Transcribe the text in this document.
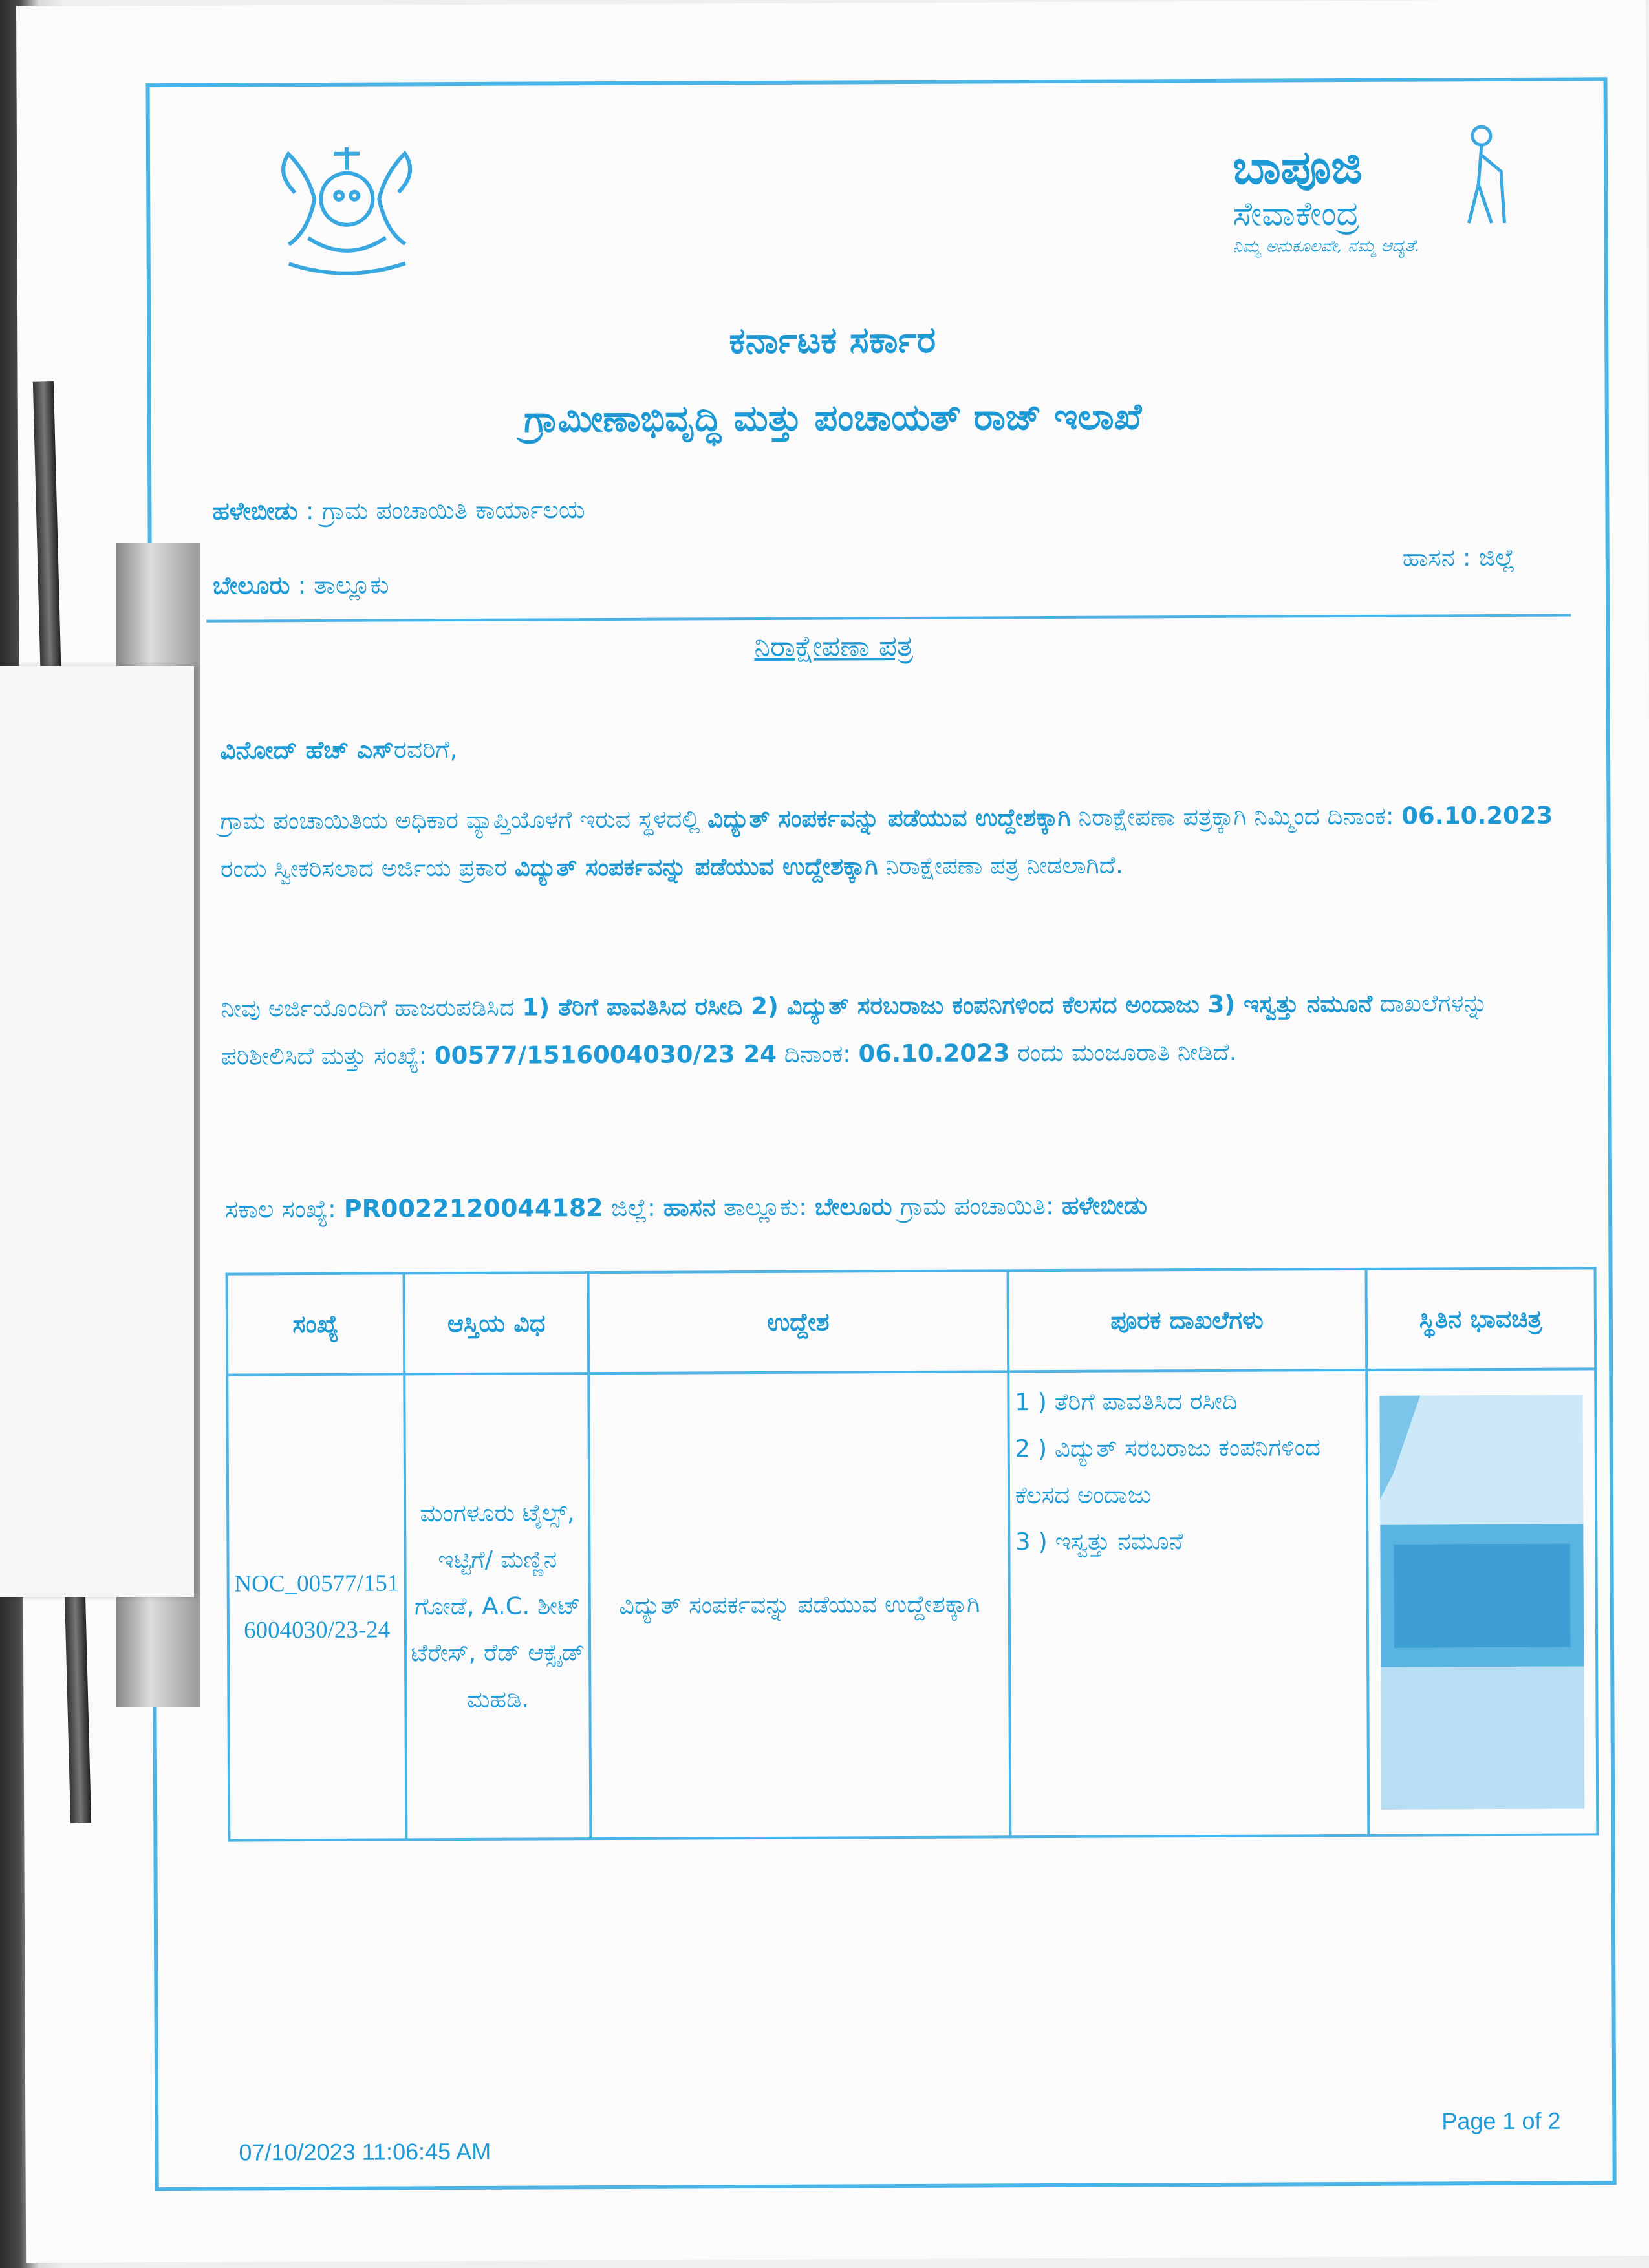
ಬಾಪೂಜಿ
ಸೇವಾಕೇಂದ್ರ
ನಿಮ್ಮ ಅನುಕೂಲವೇ, ನಮ್ಮ ಆದ್ಯತೆ.
ಕರ್ನಾಟಕ ಸರ್ಕಾರ
ಗ್ರಾಮೀಣಾಭಿವೃದ್ಧಿ ಮತ್ತು ಪಂಚಾಯತ್ ರಾಜ್ ಇಲಾಖೆ
ಹಳೇಬೀಡು : ಗ್ರಾಮ ಪಂಚಾಯಿತಿ ಕಾರ್ಯಾಲಯ
ಬೇಲೂರು : ತಾಲ್ಲೂಕು
ಹಾಸನ : ಜಿಲ್ಲೆ
ನಿರಾಕ್ಷೇಪಣಾ ಪತ್ರ
ವಿನೋದ್ ಹೆಚ್ ಎಸ್ರವರಿಗೆ,
ಗ್ರಾಮ ಪಂಚಾಯಿತಿಯ ಅಧಿಕಾರ ವ್ಯಾಪ್ತಿಯೊಳಗೆ ಇರುವ ಸ್ಥಳದಲ್ಲಿ ವಿದ್ಯುತ್ ಸಂಪರ್ಕವನ್ನು ಪಡೆಯುವ ಉದ್ದೇಶಕ್ಕಾಗಿ ನಿರಾಕ್ಷೇಪಣಾ ಪತ್ರಕ್ಕಾಗಿ ನಿಮ್ಮಿಂದ ದಿನಾಂಕ: 06.10.2023 ರಂದು ಸ್ವೀಕರಿಸಲಾದ ಅರ್ಜಿಯ ಪ್ರಕಾರ ವಿದ್ಯುತ್ ಸಂಪರ್ಕವನ್ನು ಪಡೆಯುವ ಉದ್ದೇಶಕ್ಕಾಗಿ ನಿರಾಕ್ಷೇಪಣಾ ಪತ್ರ ನೀಡಲಾಗಿದೆ.
ನೀವು ಅರ್ಜಿಯೊಂದಿಗೆ ಹಾಜರುಪಡಿಸಿದ 1) ತೆರಿಗೆ ಪಾವತಿಸಿದ ರಸೀದಿ 2) ವಿದ್ಯುತ್ ಸರಬರಾಜು ಕಂಪನಿಗಳಿಂದ ಕೆಲಸದ ಅಂದಾಜು 3) ಇಸ್ವತ್ತು ನಮೂನೆ ದಾಖಲೆಗಳನ್ನು ಪರಿಶೀಲಿಸಿದೆ ಮತ್ತು ಸಂಖ್ಯೆ: 00577/1516004030/23 24 ದಿನಾಂಕ: 06.10.2023 ರಂದು ಮಂಜೂರಾತಿ ನೀಡಿದೆ.
ಸಕಾಲ ಸಂಖ್ಯೆ: PR0022120044182 ಜಿಲ್ಲೆ: ಹಾಸನ ತಾಲ್ಲೂಕು: ಬೇಲೂರು ಗ್ರಾಮ ಪಂಚಾಯಿತಿ: ಹಳೇಬೀಡು
ಸಂಖ್ಯೆ	ಆಸ್ತಿಯ ವಿಧ	ಉದ್ದೇಶ	ಪೂರಕ ದಾಖಲೆಗಳು	ಸ್ಥಿತಿನ ಭಾವಚಿತ್ರ
NOC_00577/1516004030/23-24	ಮಂಗಳೂರು ಟೈಲ್ಸ್, ಇಟ್ಟಿಗೆ/ ಮಣ್ಣಿನ ಗೋಡೆ, A.C. ಶೀಟ್ ಟೆರೇಸ್, ರೆಡ್ ಆಕ್ಸೈಡ್ ಮಹಡಿ.	ವಿದ್ಯುತ್ ಸಂಪರ್ಕವನ್ನು ಪಡೆಯುವ ಉದ್ದೇಶಕ್ಕಾಗಿ	1 ) ತೆರಿಗೆ ಪಾವತಿಸಿದ ರಸೀದಿ
2 ) ವಿದ್ಯುತ್ ಸರಬರಾಜು ಕಂಪನಿಗಳಿಂದ ಕೆಲಸದ ಅಂದಾಜು
3 ) ಇಸ್ವತ್ತು ನಮೂನೆ

Page 1 of 2
07/10/2023 11:06:45 AM
